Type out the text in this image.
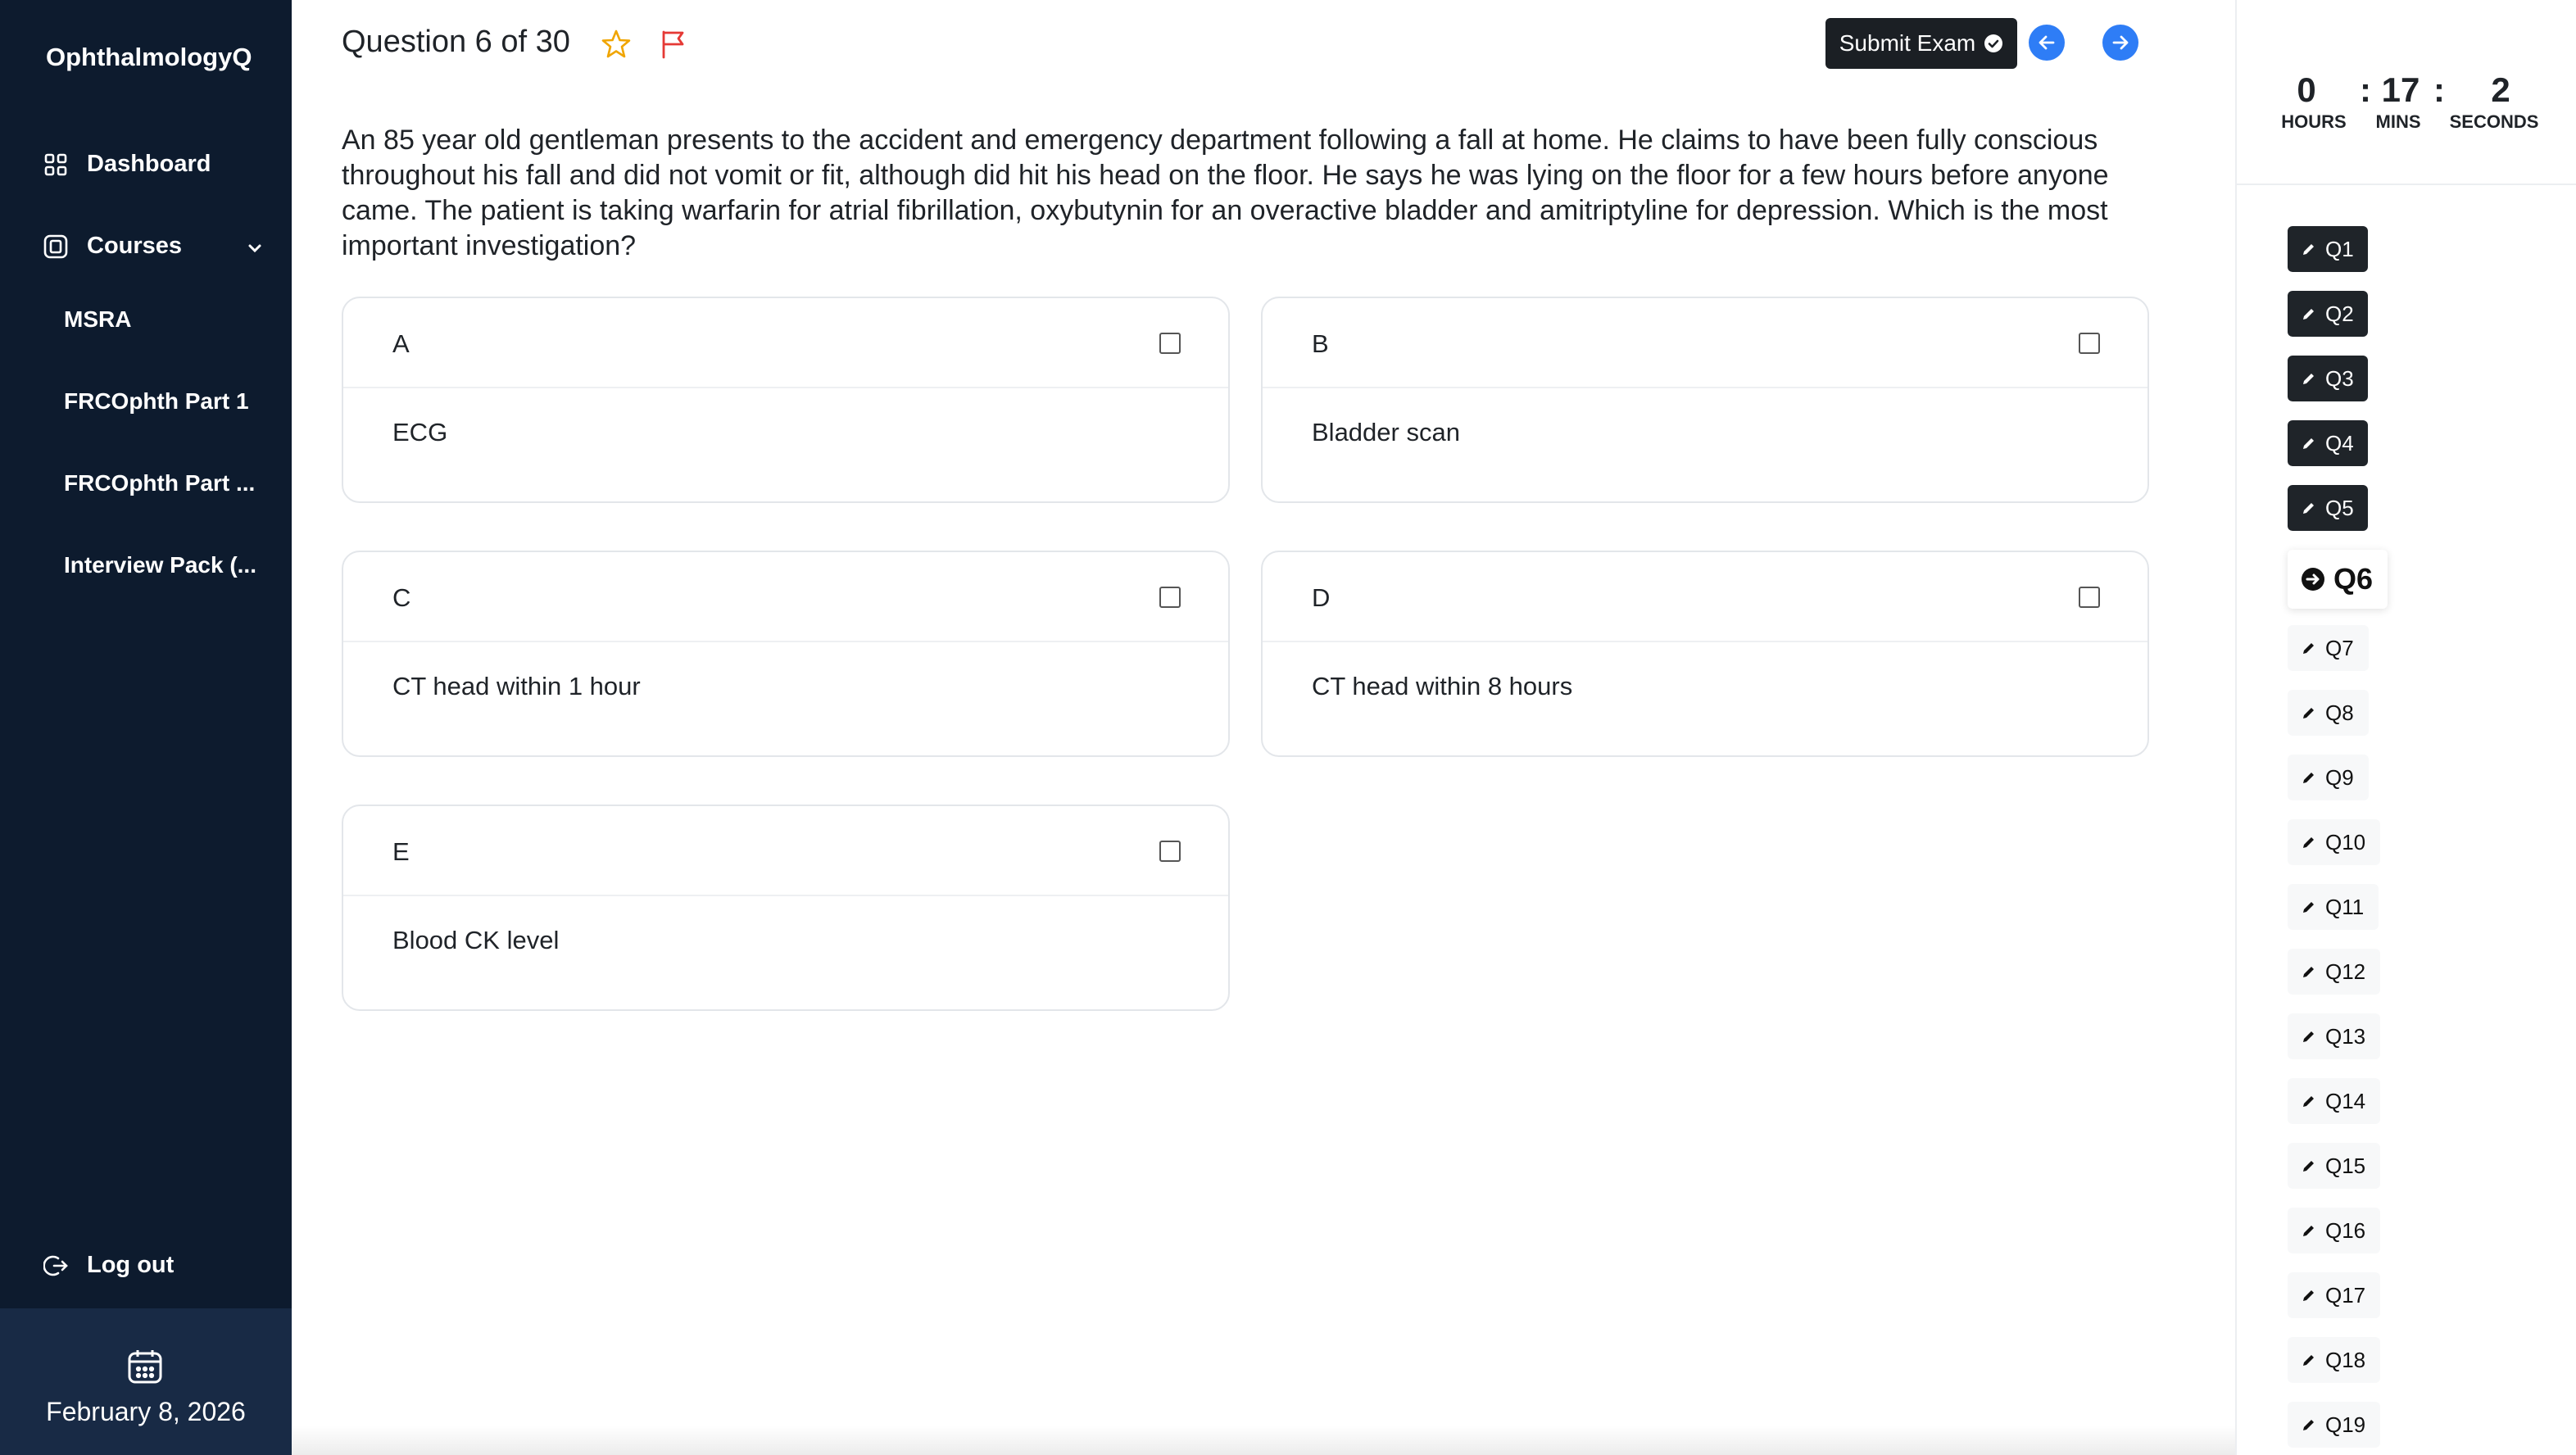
OphthalmologyQ
Dashboard
Courses
MSRA
FRCOphth Part 1
FRCOphth Part ...
Interview Pack (...
Log out
February 8, 2026
Question 6 of 30	Submit Exam
An 85 year old gentleman presents to the accident and emergency department following a fall at home. He claims to have been fully conscious throughout his fall and did not vomit or fit, although did hit his head on the floor. He says he was lying on the floor for a few hours before anyone came. The patient is taking warfarin for atrial fibrillation, oxybutynin for an overactive bladder and amitriptyline for depression. Which is the most important investigation?
A
ECG
B
Bladder scan
C
CT head within 1 hour
D
CT head within 8 hours
E
Blood CK level
0	: 17 :	2
HOURS	MINS	SECONDS
Q1
Q2
Q3
Q4
Q5
Q6
Q7
Q8
Q9
Q10
Q11
Q12
Q13
Q14
Q15
Q16
Q17
Q18
Q19
